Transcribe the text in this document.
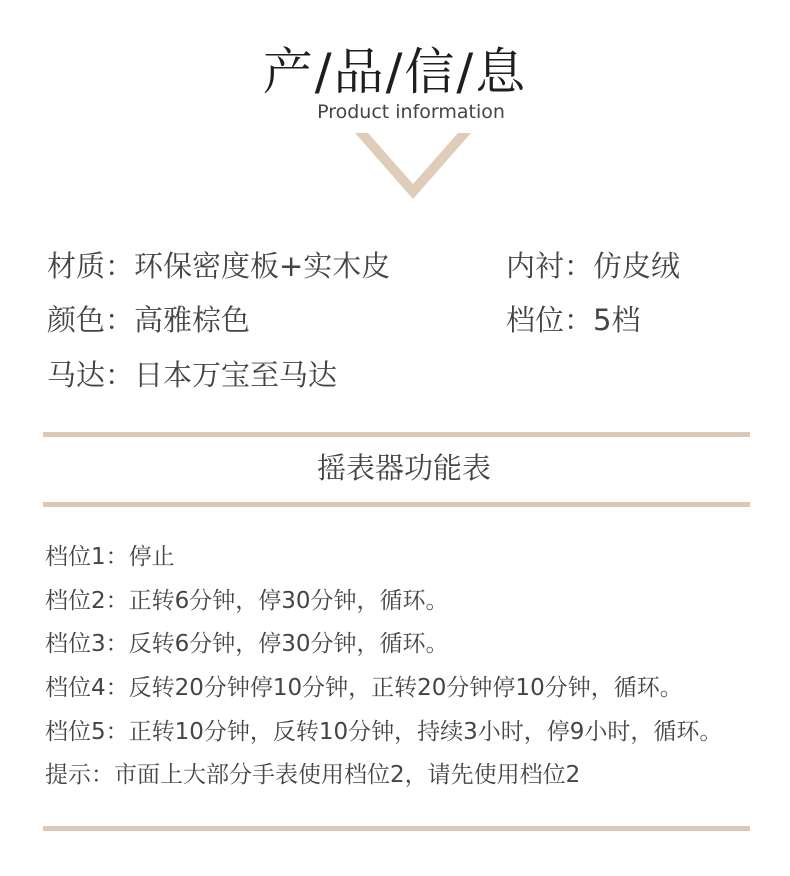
产/品/信/息
Product information
材质：环保密度板+实木皮	内衬：仿皮绒
颜色：高雅棕色	档位：5档
马达：日本万宝至马达
摇表器功能表
档位1：停止
档位2：正转6分钟，停30分钟，循环。
档位3：反转6分钟，停30分钟，循环。
档位4：反转20分钟停10分钟，正转20分钟停10分钟，循环。
档位5：正转10分钟，反转10分钟，持续3小时，停9小时，循环。
提示：市面上大部分手表使用档位2，请先使用档位2
